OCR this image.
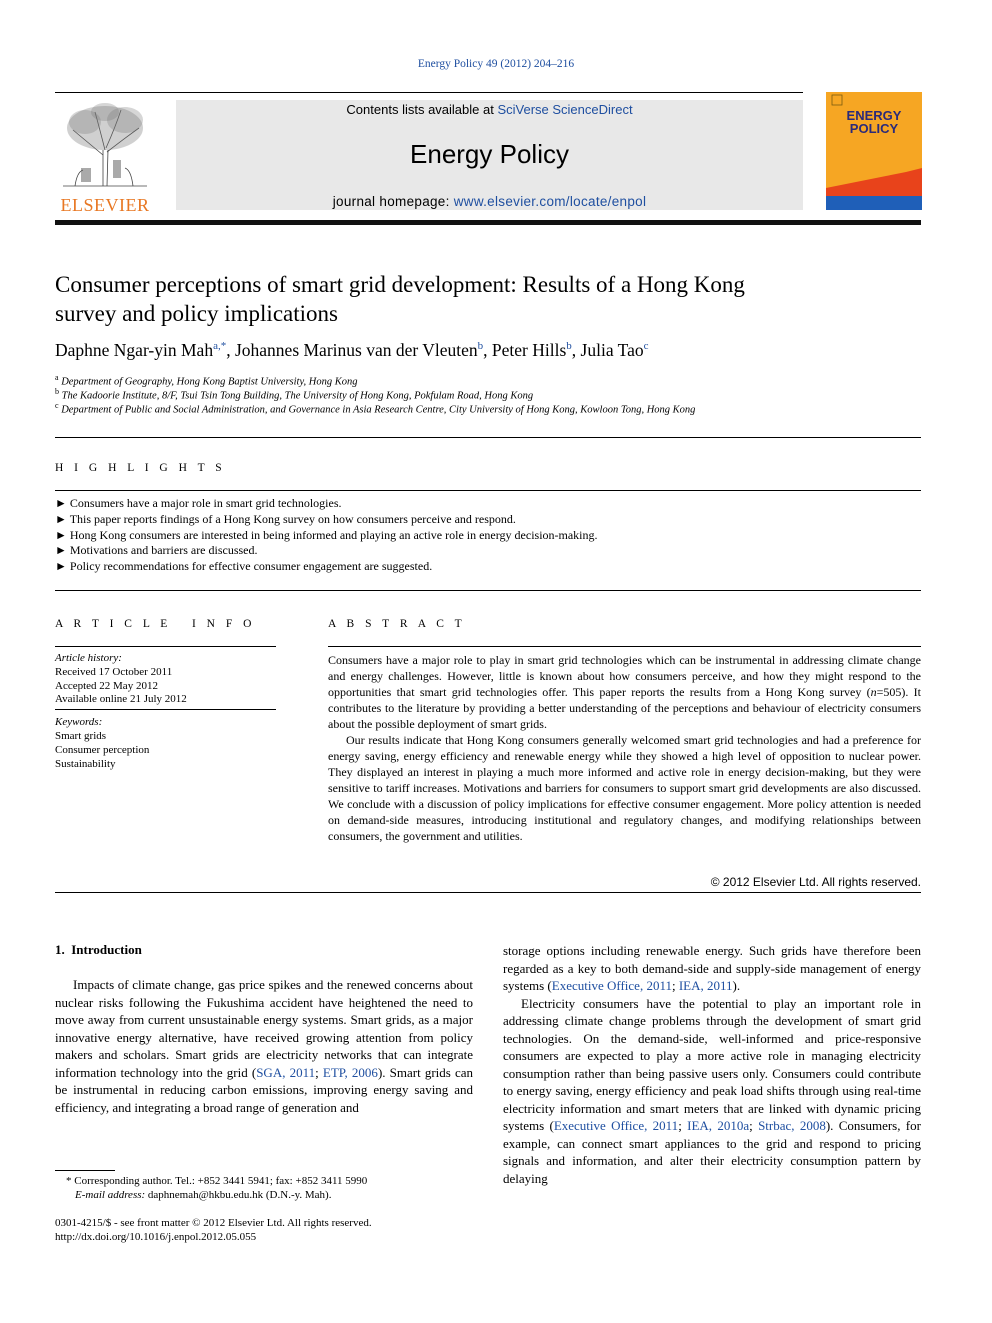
Energy Policy 49 (2012) 204–216
Contents lists available at SciVerse ScienceDirect
Energy Policy
journal homepage: www.elsevier.com/locate/enpol
ELSEVIER
ENERGY
POLICY
Consumer perceptions of smart grid development: Results of a Hong Kong
survey and policy implications
Daphne Ngar-yin Mah$^{a,*}$, Johannes Marinus van der Vleuten$^b$, Peter Hills$^b$, Julia Tao$^c$
$^a$ Department of Geography, Hong Kong Baptist University, Hong Kong
$^b$ The Kadoorie Institute, 8/F, Tsui Tsin Tong Building, The University of Hong Kong, Pokfulam Road, Hong Kong
$^c$ Department of Public and Social Administration, and Governance in Asia Research Centre, City University of Hong Kong, Kowloon Tong, Hong Kong
H I G H L I G H T S
► Consumers have a major role in smart grid technologies.
► This paper reports findings of a Hong Kong survey on how consumers perceive and respond.
► Hong Kong consumers are interested in being informed and playing an active role in energy decision-making.
► Motivations and barriers are discussed.
► Policy recommendations for effective consumer engagement are suggested.
A R T I C L E   I N F O
Article history:
Received 17 October 2011
Accepted 22 May 2012
Available online 21 July 2012
Keywords:
Smart grids
Consumer perception
Sustainability
A B S T R A C T

Consumers have a major role to play in smart grid technologies which can be instrumental in addressing climate change and energy challenges. However, little is known about how consumers perceive, and how they might respond to the opportunities that smart grid technologies offer. This paper reports the results from a Hong Kong survey (n=505). It contributes to the literature by providing a better understanding of the perceptions and behaviour of electricity consumers about the possible deployment of smart grids.

Our results indicate that Hong Kong consumers generally welcomed smart grid technologies and had a preference for energy saving, energy efficiency and renewable energy while they showed a high level of opposition to nuclear power. They displayed an interest in playing a much more informed and active role in energy decision-making, but they were sensitive to tariff increases. Motivations and barriers for consumers to support smart grid developments are also discussed. We conclude with a discussion of policy implications for effective consumer engagement. More policy attention is needed on demand-side measures, introducing institutional and regulatory changes, and modifying relationships between consumers, the government and utilities.

© 2012 Elsevier Ltd. All rights reserved.
1.  Introduction

Impacts of climate change, gas price spikes and the renewed concerns about nuclear risks following the Fukushima accident have heightened the need to move away from current unsustainable energy systems. Smart grids, as a major innovative energy alternative, have received growing attention from policy makers and scholars. Smart grids are electricity networks that can integrate information technology into the grid (SGA, 2011; ETP, 2006). Smart grids can be instrumental in reducing carbon emissions, improving energy saving and efficiency, and integrating a broad range of generation and

storage options including renewable energy. Such grids have therefore been regarded as a key to both demand-side and supply-side management of energy systems (Executive Office, 2011; IEA, 2011).

Electricity consumers have the potential to play an important role in addressing climate change problems through the development of smart grid technologies. On the demand-side, well-informed and price-responsive consumers are expected to play a more active role in managing electricity consumption rather than being passive users only. Consumers could contribute to energy saving, energy efficiency and peak load shifts through using real-time electricity information and smart meters that are linked with dynamic pricing systems (Executive Office, 2011; IEA, 2010a; Strbac, 2008). Consumers, for example, can connect smart appliances to the grid and respond to pricing signals and information, and alter their electricity consumption pattern by delaying

* Corresponding author. Tel.: +852 3441 5941; fax: +852 3411 5990
E-mail address: daphnemah@hkbu.edu.hk (D.N.-y. Mah).
0301-4215/$ - see front matter © 2012 Elsevier Ltd. All rights reserved.
http://dx.doi.org/10.1016/j.enpol.2012.05.055
